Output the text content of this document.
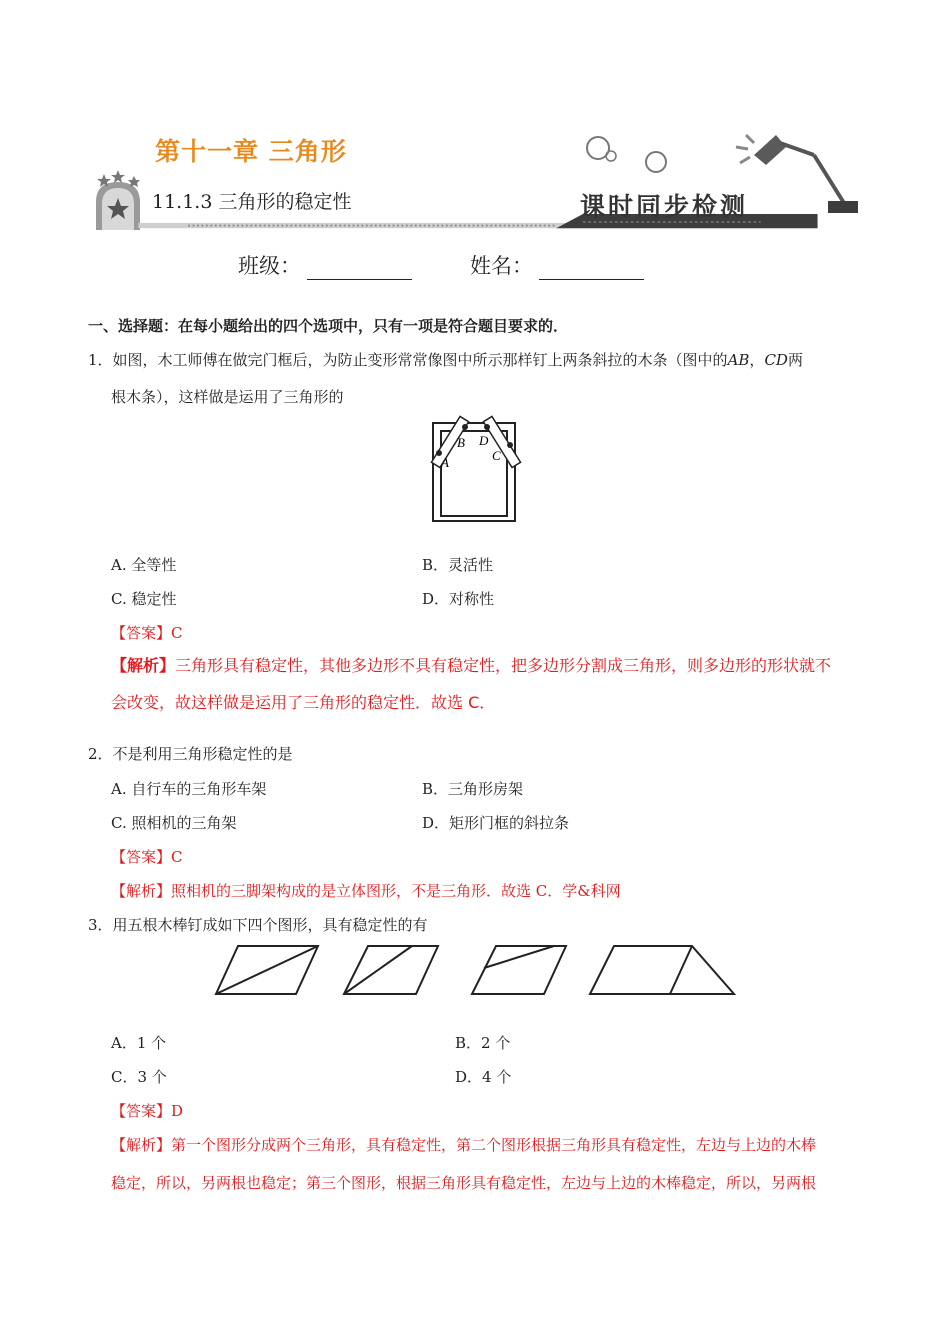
第十一章 三角形
11.1.3 三角形的稳定性	课时同步检测
班级：	姓名：
一、选择题：在每小题给出的四个选项中，只有一项是符合题目要求的．
1．如图，木工师傅在做完门框后，为防止变形常常像图中所示那样钉上两条斜拉的木条（图中的AB，CD两
根木条），这样做是运用了三角形的
A
B D
C
A. 全等性	B．灵活性
C. 稳定性	D．对称性
【答案】C
【解析】三角形具有稳定性，其他多边形不具有稳定性，把多边形分割成三角形，则多边形的形状就不
会改变，故这样做是运用了三角形的稳定性．故选 C．
2．不是利用三角形稳定性的是
A. 自行车的三角形车架	B．三角形房架
C. 照相机的三角架	D．矩形门框的斜拉条
【答案】C
【解析】照相机的三脚架构成的是立体图形，不是三角形．故选 C．学&科网
3．用五根木棒钉成如下四个图形，具有稳定性的有
A．1 个	B．2 个
C．3 个	D．4 个
【答案】D
【解析】第一个图形分成两个三角形，具有稳定性，第二个图形根据三角形具有稳定性，左边与上边的木棒
稳定，所以，另两根也稳定；第三个图形，根据三角形具有稳定性，左边与上边的木棒稳定，所以，另两根
